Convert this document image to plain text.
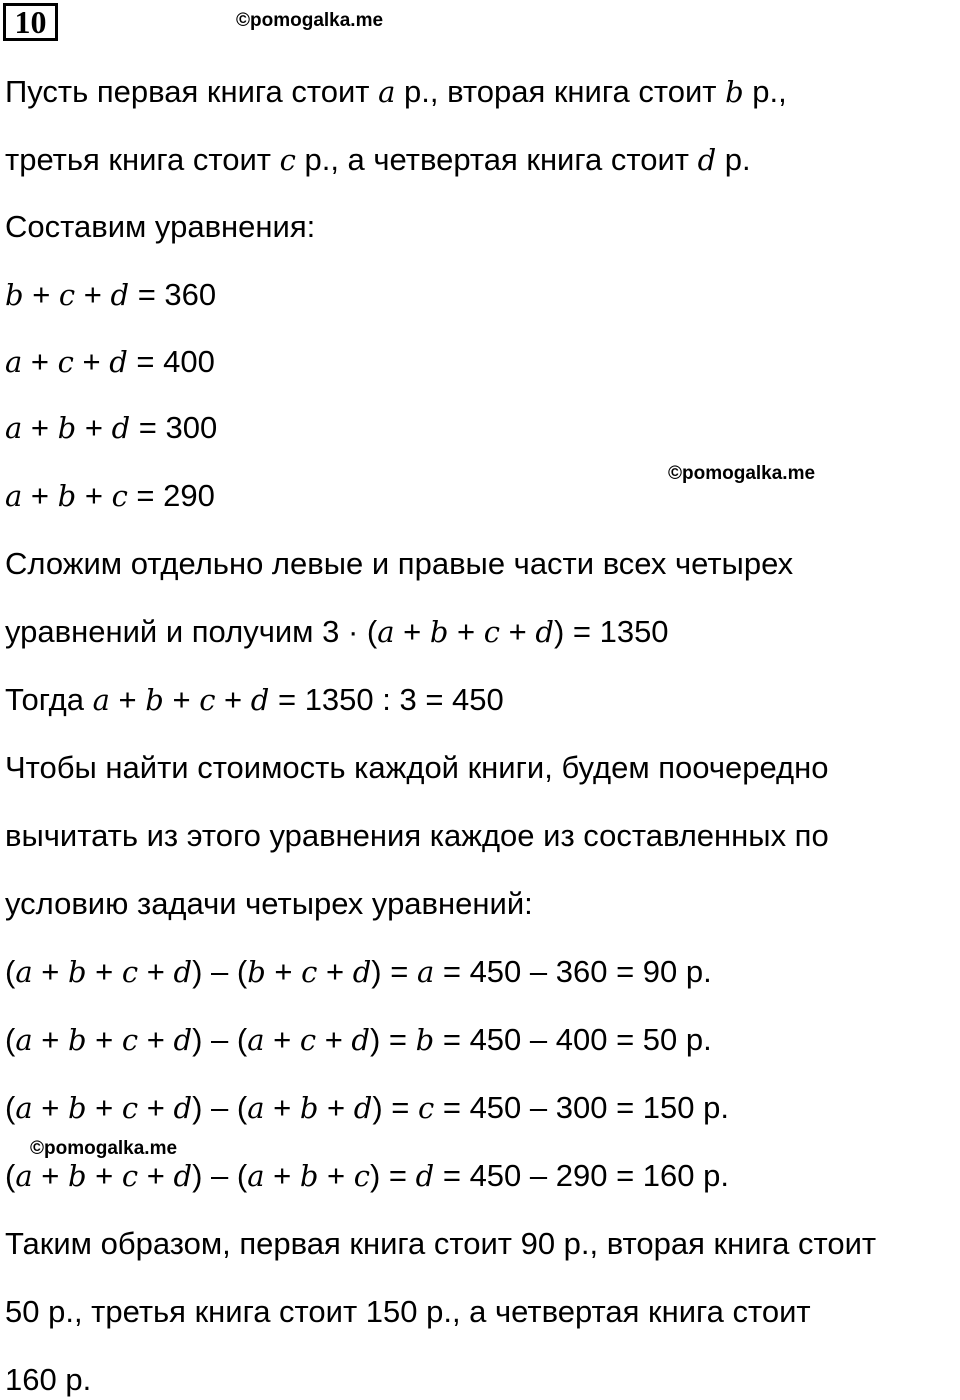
10	©pomogalka.me
©pomogalka.me
©pomogalka.me
Пусть первая книга стоит a р., вторая книга стоит b р.,
третья книга стоит c р., а четвертая книга стоит d р.
Составим уравнения:
b + c + d = 360
a + c + d = 400
a + b + d = 300
a + b + c = 290
Сложим отдельно левые и правые части всех четырех
уравнений и получим 3 · (a + b + c + d) = 1350
Тогда a + b + c + d = 1350 : 3 = 450
Чтобы найти стоимость каждой книги, будем поочередно
вычитать из этого уравнения каждое из составленных по
условию задачи четырех уравнений:
(a + b + c + d) – (b + c + d) = a = 450 – 360 = 90 р.
(a + b + c + d) – (a + c + d) = b = 450 – 400 = 50 р.
(a + b + c + d) – (a + b + d) = c = 450 – 300 = 150 р.
(a + b + c + d) – (a + b + c) = d = 450 – 290 = 160 р.
Таким образом, первая книга стоит 90 р., вторая книга стоит
50 р., третья книга стоит 150 р., а четвертая книга стоит
160 р.
